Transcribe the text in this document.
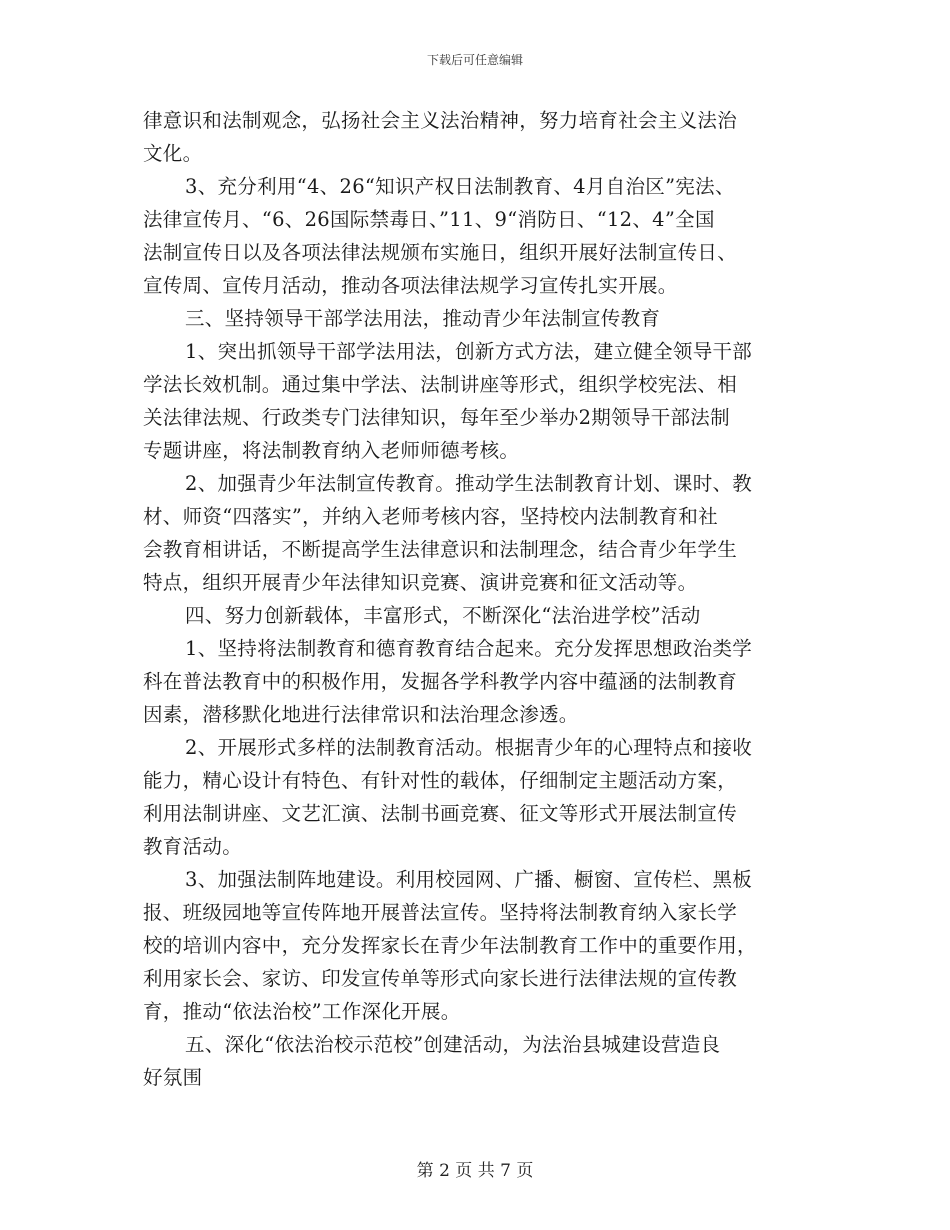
下载后可任意编辑
律意识和法制观念，弘扬社会主义法治精神，努力培育社会主义法治
文化。
3、充分利用“4、26“知识产权日法制教育、4月自治区”宪法、
法律宣传月、“6、26国际禁毒日、”11、9“消防日、“12、4”全国
法制宣传日以及各项法律法规颁布实施日，组织开展好法制宣传日、
宣传周、宣传月活动，推动各项法律法规学习宣传扎实开展。
三、坚持领导干部学法用法，推动青少年法制宣传教育
1、突出抓领导干部学法用法，创新方式方法，建立健全领导干部
学法长效机制。通过集中学法、法制讲座等形式，组织学校宪法、相
关法律法规、行政类专门法律知识，每年至少举办2期领导干部法制
专题讲座，将法制教育纳入老师师德考核。
2、加强青少年法制宣传教育。推动学生法制教育计划、课时、教
材、师资“四落实”，并纳入老师考核内容，坚持校内法制教育和社
会教育相讲话，不断提高学生法律意识和法制理念，结合青少年学生
特点，组织开展青少年法律知识竞赛、演讲竞赛和征文活动等。
四、努力创新载体，丰富形式，不断深化“法治进学校”活动
1、坚持将法制教育和德育教育结合起来。充分发挥思想政治类学
科在普法教育中的积极作用，发掘各学科教学内容中蕴涵的法制教育
因素，潜移默化地进行法律常识和法治理念渗透。
2、开展形式多样的法制教育活动。根据青少年的心理特点和接收
能力，精心设计有特色、有针对性的载体，仔细制定主题活动方案，
利用法制讲座、文艺汇演、法制书画竞赛、征文等形式开展法制宣传
教育活动。
3、加强法制阵地建设。利用校园网、广播、橱窗、宣传栏、黑板
报、班级园地等宣传阵地开展普法宣传。坚持将法制教育纳入家长学
校的培训内容中，充分发挥家长在青少年法制教育工作中的重要作用，
利用家长会、家访、印发宣传单等形式向家长进行法律法规的宣传教
育，推动“依法治校”工作深化开展。
五、深化“依法治校示范校”创建活动，为法治县城建设营造良
好氛围
第 2 页 共 7 页
